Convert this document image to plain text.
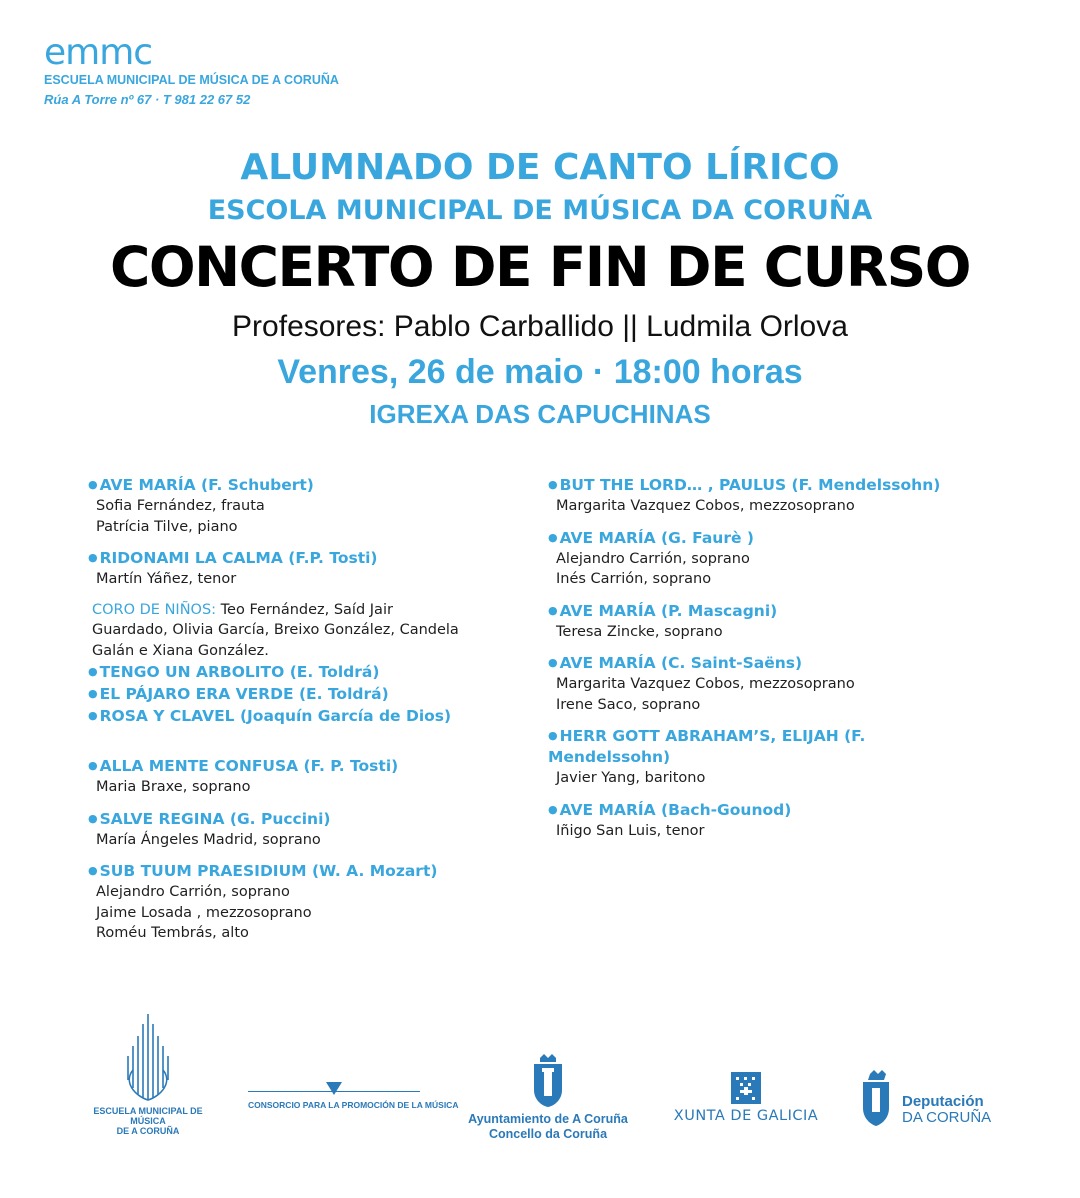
emmc
ESCUELA MUNICIPAL DE MÚSICA DE A CORUÑA
Rúa A Torre nº 67 · T 981 22 67 52
ALUMNADO DE CANTO LÍRICO
ESCOLA MUNICIPAL DE MÚSICA DA CORUÑA
CONCERTO DE FIN DE CURSO
Profesores: Pablo Carballido || Ludmila Orlova
Venres, 26 de maio · 18:00 horas
IGREXA DAS CAPUCHINAS
● AVE MARÍA (F. Schubert)
Sofia Fernández, frauta
Patrícia Tilve, piano
● RIDONAMI LA CALMA (F.P. Tosti)
Martín Yáñez, tenor
CORO DE NIÑOS: Teo Fernández, Saíd Jair
Guardado, Olivia García, Breixo González, Candela
Galán e Xiana González.
● TENGO UN ARBOLITO (E. Toldrá)
● EL PÁJARO ERA VERDE (E. Toldrá)
● ROSA Y CLAVEL (Joaquín García de Dios)
● ALLA MENTE CONFUSA (F. P. Tosti)
Maria Braxe, soprano
● SALVE REGINA (G. Puccini)
María Ángeles Madrid, soprano
● SUB TUUM PRAESIDIUM (W. A. Mozart)
Alejandro Carrión, soprano
Jaime Losada , mezzosoprano
Roméu Tembrás, alto
● BUT THE LORD… , PAULUS (F. Mendelssohn)
Margarita Vazquez Cobos, mezzosoprano
● AVE MARÍA (G. Faurè )
Alejandro Carrión, soprano
Inés Carrión, soprano
● AVE MARÍA (P. Mascagni)
Teresa Zincke, soprano
● AVE MARÍA (C. Saint-Saëns)
Margarita Vazquez Cobos, mezzosoprano
Irene Saco, soprano
● HERR GOTT ABRAHAM’S, ELIJAH (F. Mendelssohn)
Javier Yang, baritono
● AVE MARÍA (Bach-Gounod)
Iñigo San Luis, tenor
ESCUELA MUNICIPAL DE MÚSICA
DE A CORUÑA
CONSORCIO PARA LA PROMOCIÓN DE LA MÚSICA
Ayuntamiento de A Coruña
Concello da Coruña
XUNTA DE GALICIA
Deputación
DA CORUÑA
